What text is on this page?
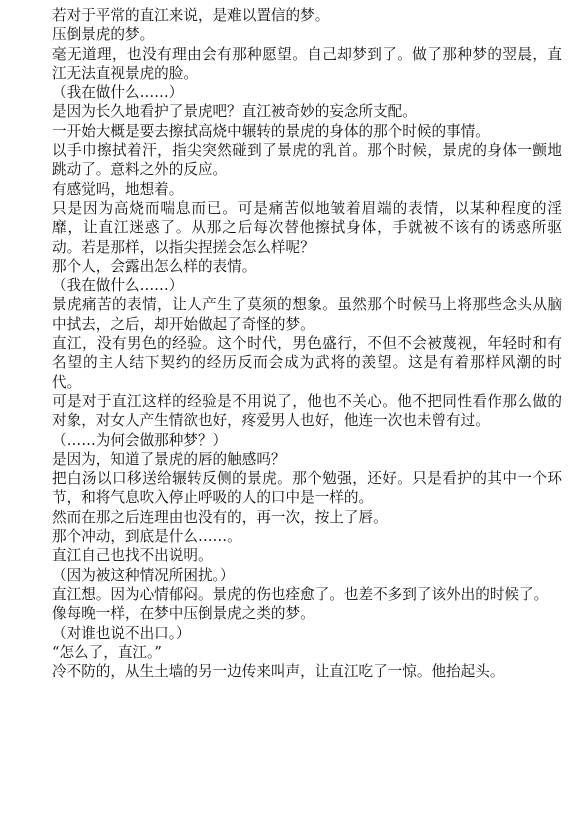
若对于平常的直江来说，是难以置信的梦。

压倒景虎的梦。

毫无道理，也没有理由会有那种愿望。自己却梦到了。做了那种梦的翌晨，直江无法直视景虎的脸。

（我在做什么……）

是因为长久地看护了景虎吧？直江被奇妙的妄念所支配。

一开始大概是要去擦拭高烧中辗转的景虎的身体的那个时候的事情。

以手巾擦拭着汗，指尖突然碰到了景虎的乳首。那个时候，景虎的身体一颤地跳动了。意料之外的反应。

有感觉吗，地想着。

只是因为高烧而喘息而已。可是痛苦似地皱着眉端的表情，以某种程度的淫靡，让直江迷惑了。从那之后每次替他擦拭身体，手就被不该有的诱惑所驱动。若是那样，以指尖捏搓会怎么样呢？

那个人，会露出怎么样的表情。

（我在做什么……）

景虎痛苦的表情，让人产生了莫须的想象。虽然那个时候马上将那些念头从脑中拭去，之后，却开始做起了奇怪的梦。

直江，没有男色的经验。这个时代，男色盛行，不但不会被蔑视，年轻时和有名望的主人结下契约的经历反而会成为武将的羡望。这是有着那样风潮的时代。

可是对于直江这样的经验是不用说了，他也不关心。他不把同性看作那么做的对象，对女人产生情欲也好，疼爱男人也好，他连一次也未曾有过。

（……为何会做那种梦？）

是因为，知道了景虎的唇的触感吗？

把白汤以口移送给辗转反侧的景虎。那个勉强，还好。只是看护的其中一个环节，和将气息吹入停止呼吸的人的口中是一样的。

然而在那之后连理由也没有的，再一次，按上了唇。

那个冲动，到底是什么……。

直江自己也找不出说明。

（因为被这种情况所困扰。）

直江想。因为心情郁闷。景虎的伤也痊愈了。也差不多到了该外出的时候了。

像每晚一样，在梦中压倒景虎之类的梦。

（对谁也说不出口。）

“怎么了，直江。”

冷不防的，从生土墙的另一边传来叫声，让直江吃了一惊。他抬起头。
